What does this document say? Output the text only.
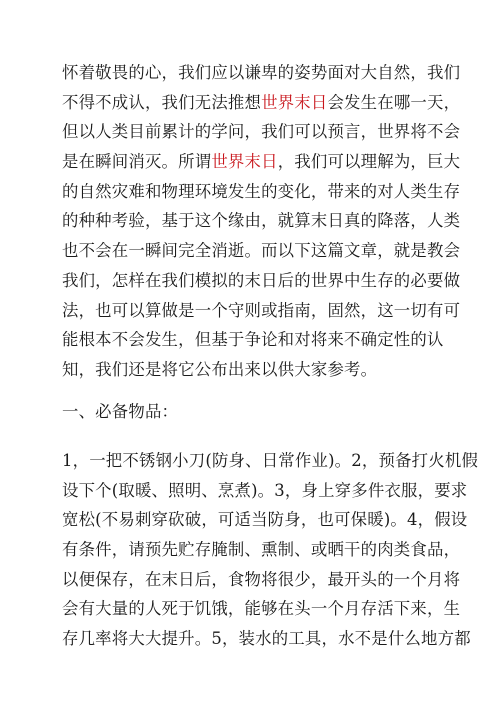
怀着敬畏的心，我们应以谦卑的姿势面对大自然，我们
不得不成认，我们无法推想世界末日会发生在哪一天，
但以人类目前累计的学问，我们可以预言，世界将不会
是在瞬间消灭。所谓世界末日，我们可以理解为，巨大
的自然灾难和物理环境发生的变化，带来的对人类生存
的种种考验，基于这个缘由，就算末日真的降落，人类
也不会在一瞬间完全消逝。而以下这篇文章，就是教会
我们，怎样在我们模拟的末日后的世界中生存的必要做
法，也可以算做是一个守则或指南，固然，这一切有可
能根本不会发生，但基于争论和对将来不确定性的认
知，我们还是将它公布出来以供大家参考。
一、必备物品：
1，一把不锈钢小刀(防身、日常作业)。2，预备打火机假
设下个(取暖、照明、烹煮)。3，身上穿多件衣服，要求
宽松(不易刺穿砍破，可适当防身，也可保暖)。4，假设
有条件，请预先贮存腌制、熏制、或晒干的肉类食品，
以便保存，在末日后，食物将很少，最开头的一个月将
会有大量的人死于饥饿，能够在头一个月存活下来，生
存几率将大大提升。5，装水的工具，水不是什么地方都
